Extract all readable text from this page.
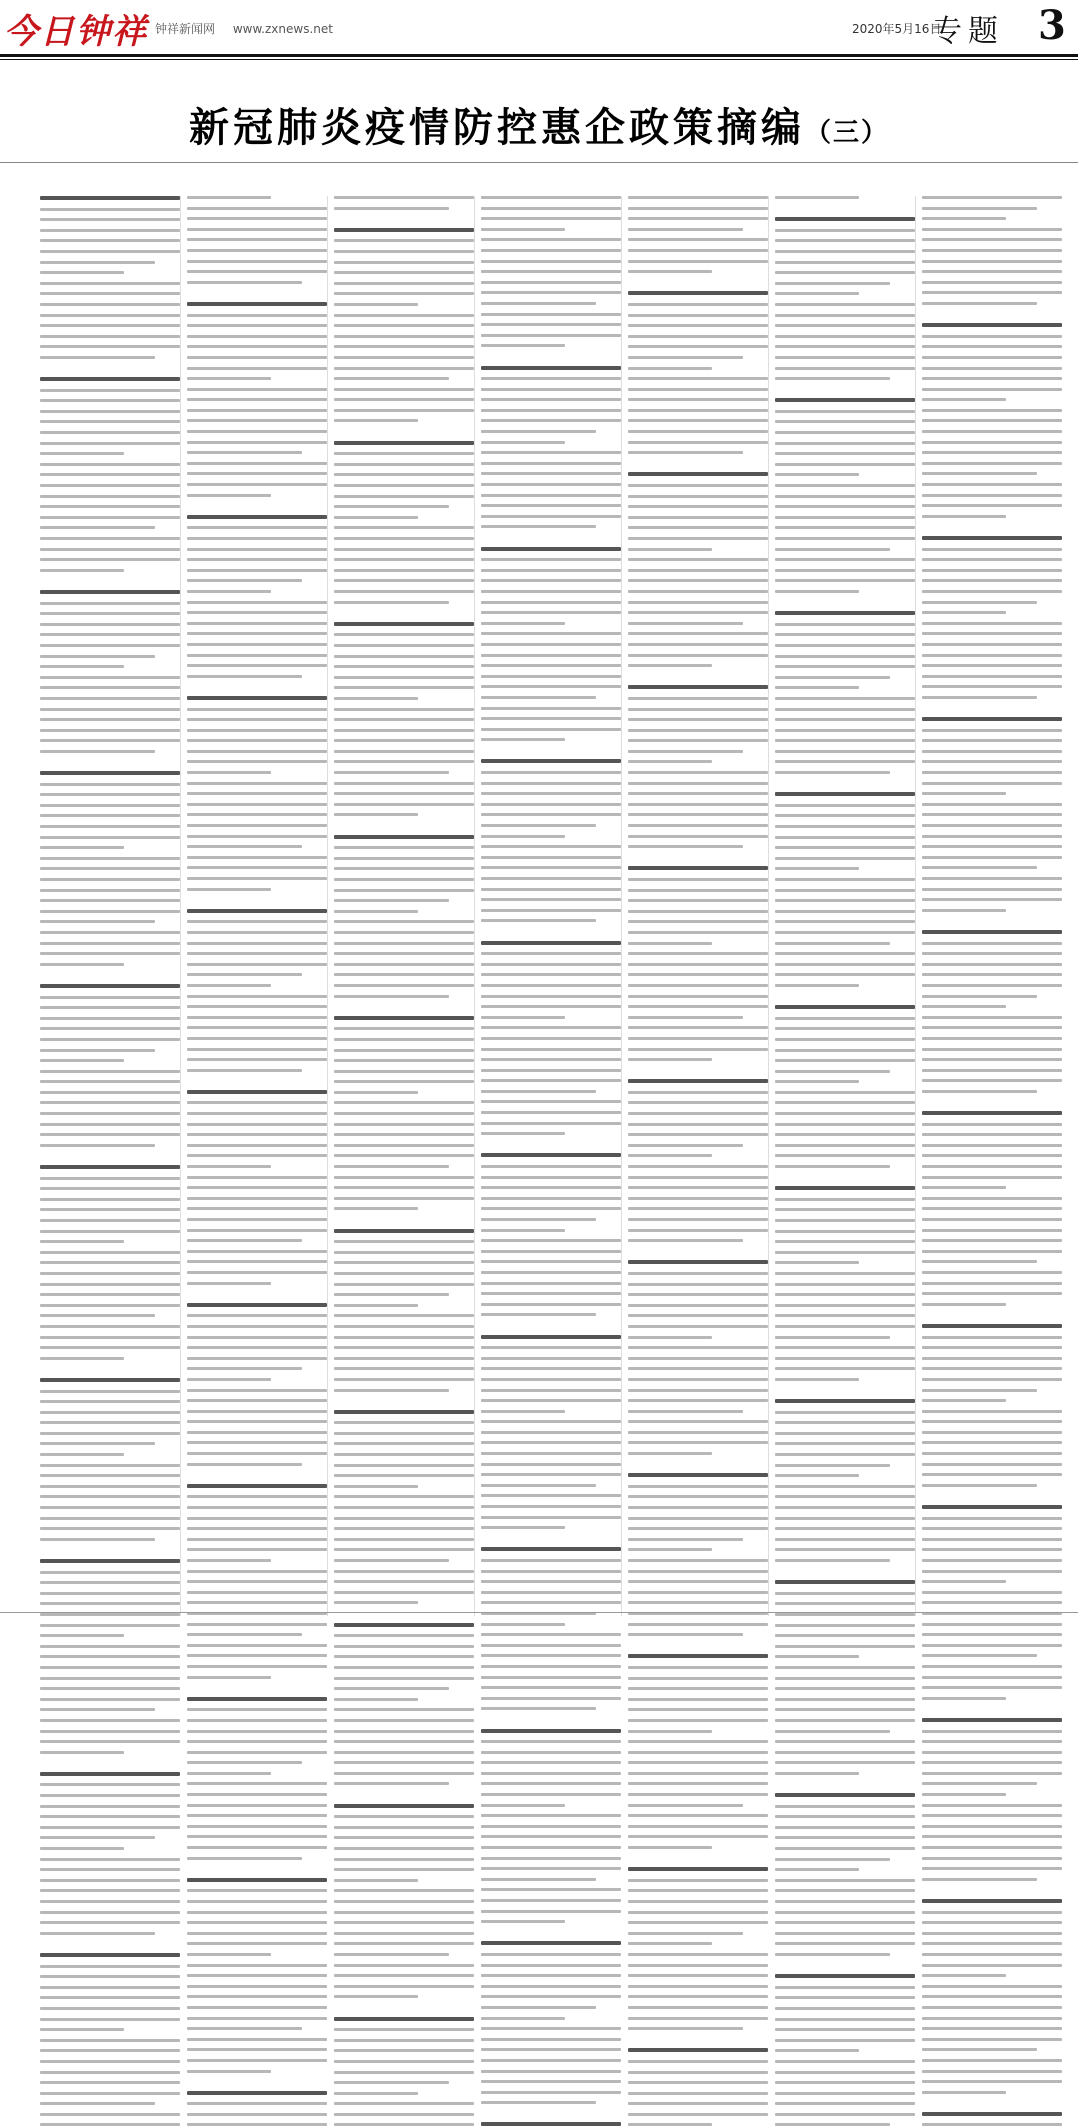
今日钟祥 钟祥新闻网 www.zxnews.net	2020年5月16日
专题 3
新冠肺炎疫情防控惠企政策摘编（三）
